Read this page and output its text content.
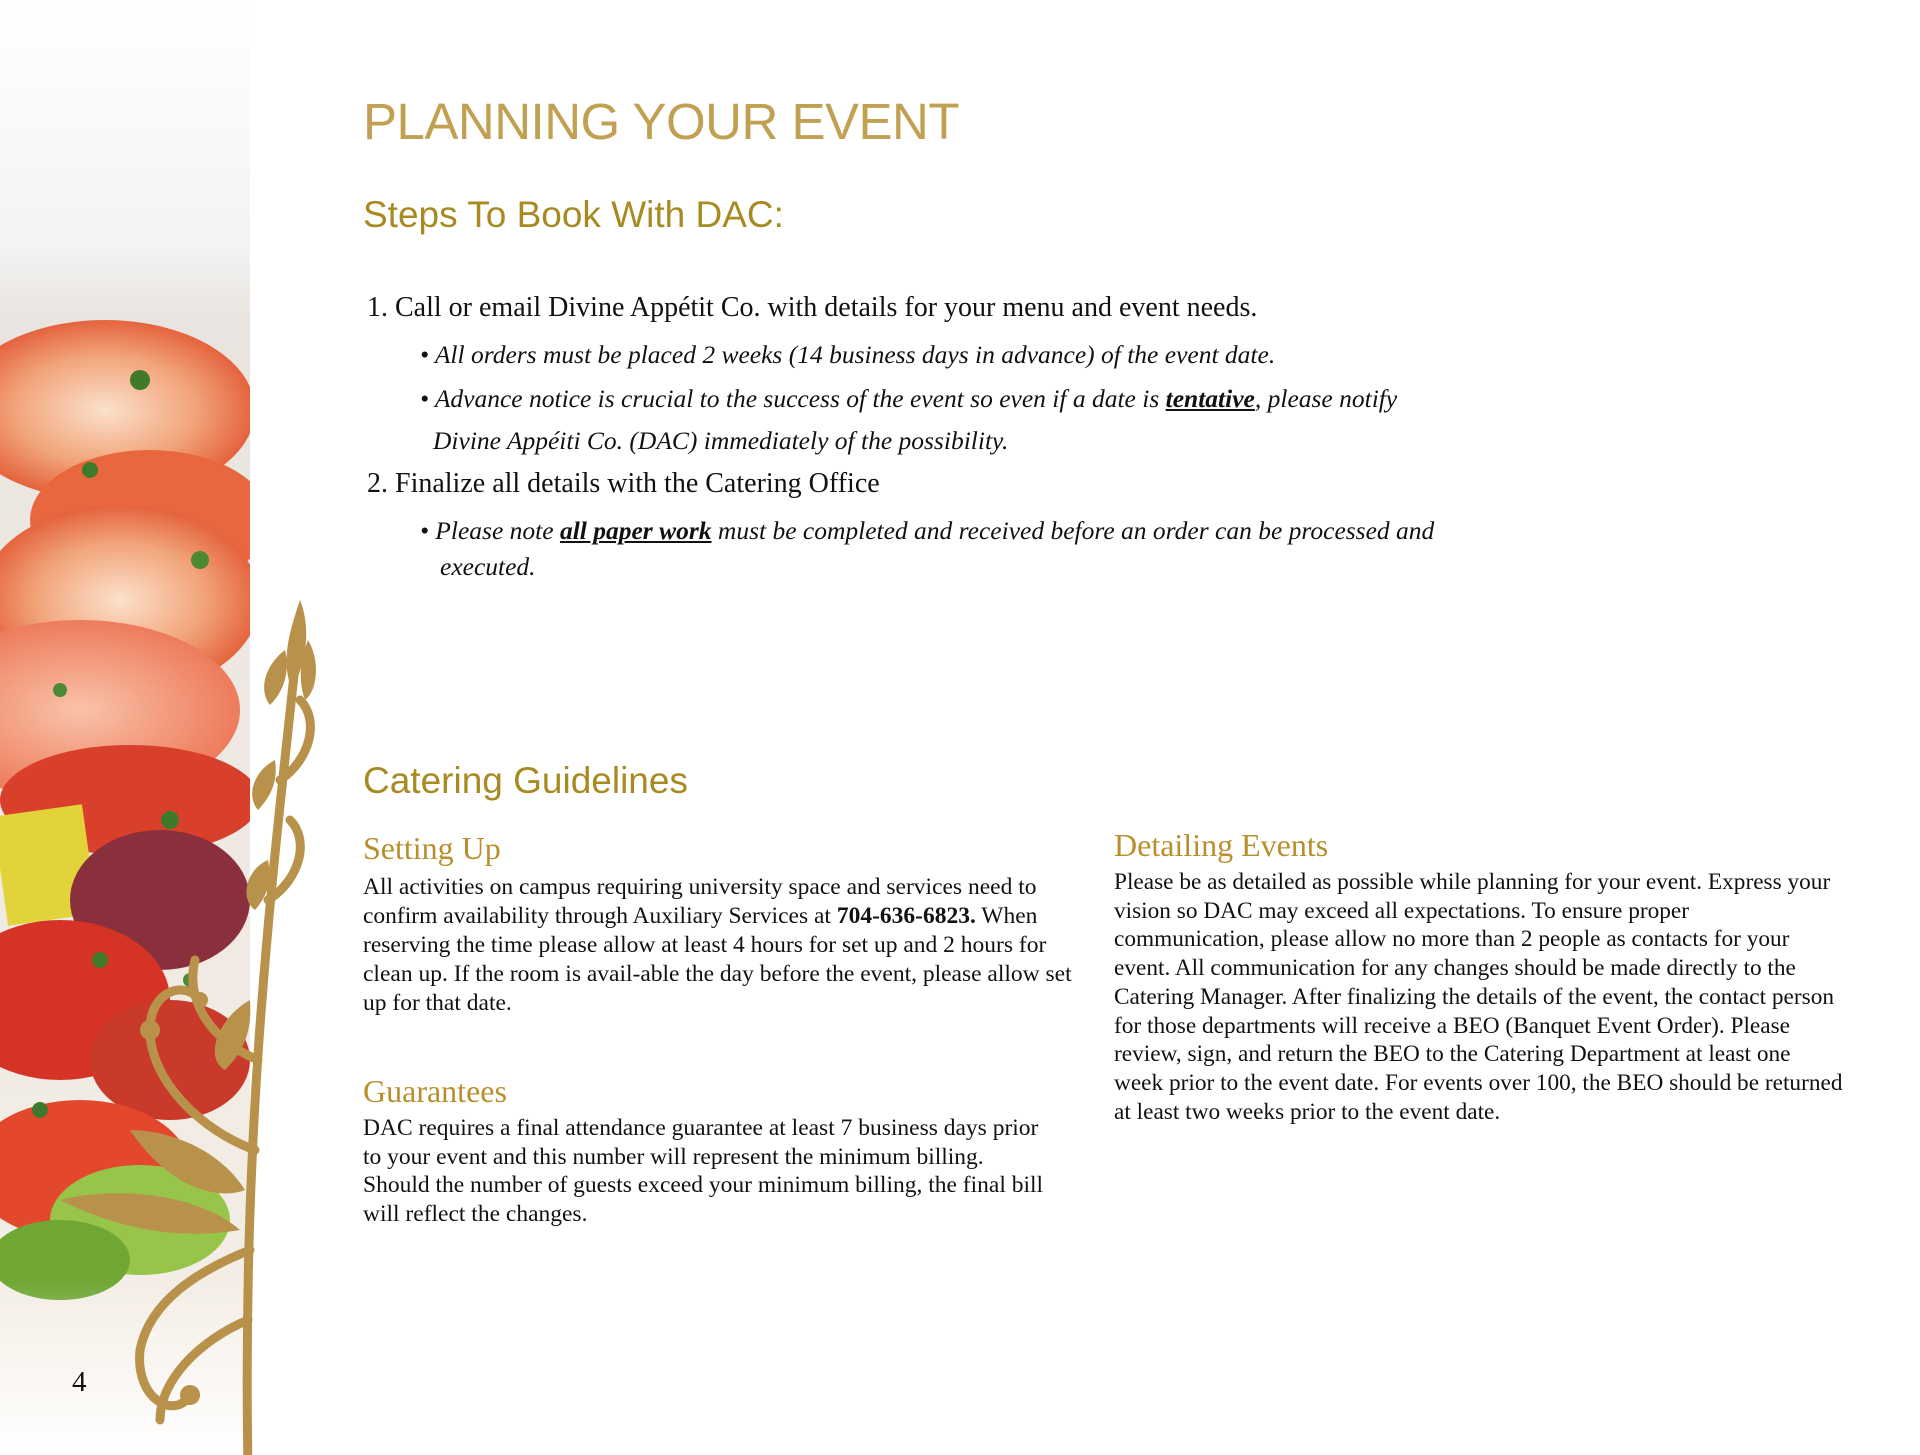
4
PLANNING YOUR EVENT
Steps To Book With DAC:
1. Call or email Divine Appétit Co. with details for your menu and event needs.
• All orders must be placed 2 weeks (14 business days in advance) of the event date.
• Advance notice is crucial to the success of the event so even if a date is tentative, please notify
Divine Appéiti Co. (DAC) immediately of the possibility.
2. Finalize all details with the Catering Office
• Please note all paper work must be completed and received before an order can be processed and
executed.
Catering Guidelines
Setting Up

All activities on campus requiring university space and services need to confirm availability through Auxiliary Services at 704-636-6823. When reserving the time please allow at least 4 hours for set up and 2 hours for clean up. If the room is avail-able the day before the event, please allow set up for that date.

Guarantees

DAC requires a final attendance guarantee at least 7 business days prior to your event and this number will represent the minimum billing. Should the number of guests exceed your minimum billing, the final bill will reflect the changes.

Detailing Events

Please be as detailed as possible while planning for your event. Express your vision so DAC may exceed all expectations. To ensure proper communication, please allow no more than 2 people as contacts for your event. All communication for any changes should be made directly to the Catering Manager. After finalizing the details of the event, the contact person for those departments will receive a BEO (Banquet Event Order). Please review, sign, and return the BEO to the Catering Department at least one week prior to the event date. For events over 100, the BEO should be returned at least two weeks prior to the event date.
